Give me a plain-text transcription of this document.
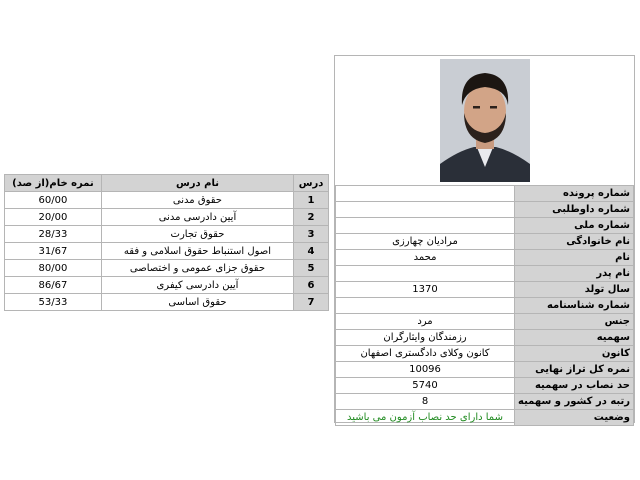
درس	نام درس	نمره خام(از صد)
1	حقوق مدنی	60/00
2	آیین دادرسی مدنی	20/00
3	حقوق تجارت	28/33
4	اصول استنباط حقوق اسلامی و فقه	31/67
5	حقوق جزای عمومی و اختصاصی	80/00
6	آیین دادرسی کیفری	86/67
7	حقوق اساسی	53/33
شماره پرونده	
شماره داوطلبی	
شماره ملی	
نام خانوادگی	مرادیان چهارزی
نام	محمد
نام پدر	
سال تولد	1370
شماره شناسنامه	
جنس	مرد
سهمیه	رزمندگان وایثارگران
کانون	کانون وکلای دادگستری اصفهان
نمره کل تراز نهایی	10096
حد نصاب در سهمیه	5740
رتبه در کشور و سهمیه	8
وضعیت	شما دارای حد نصاب آزمون می باشید
